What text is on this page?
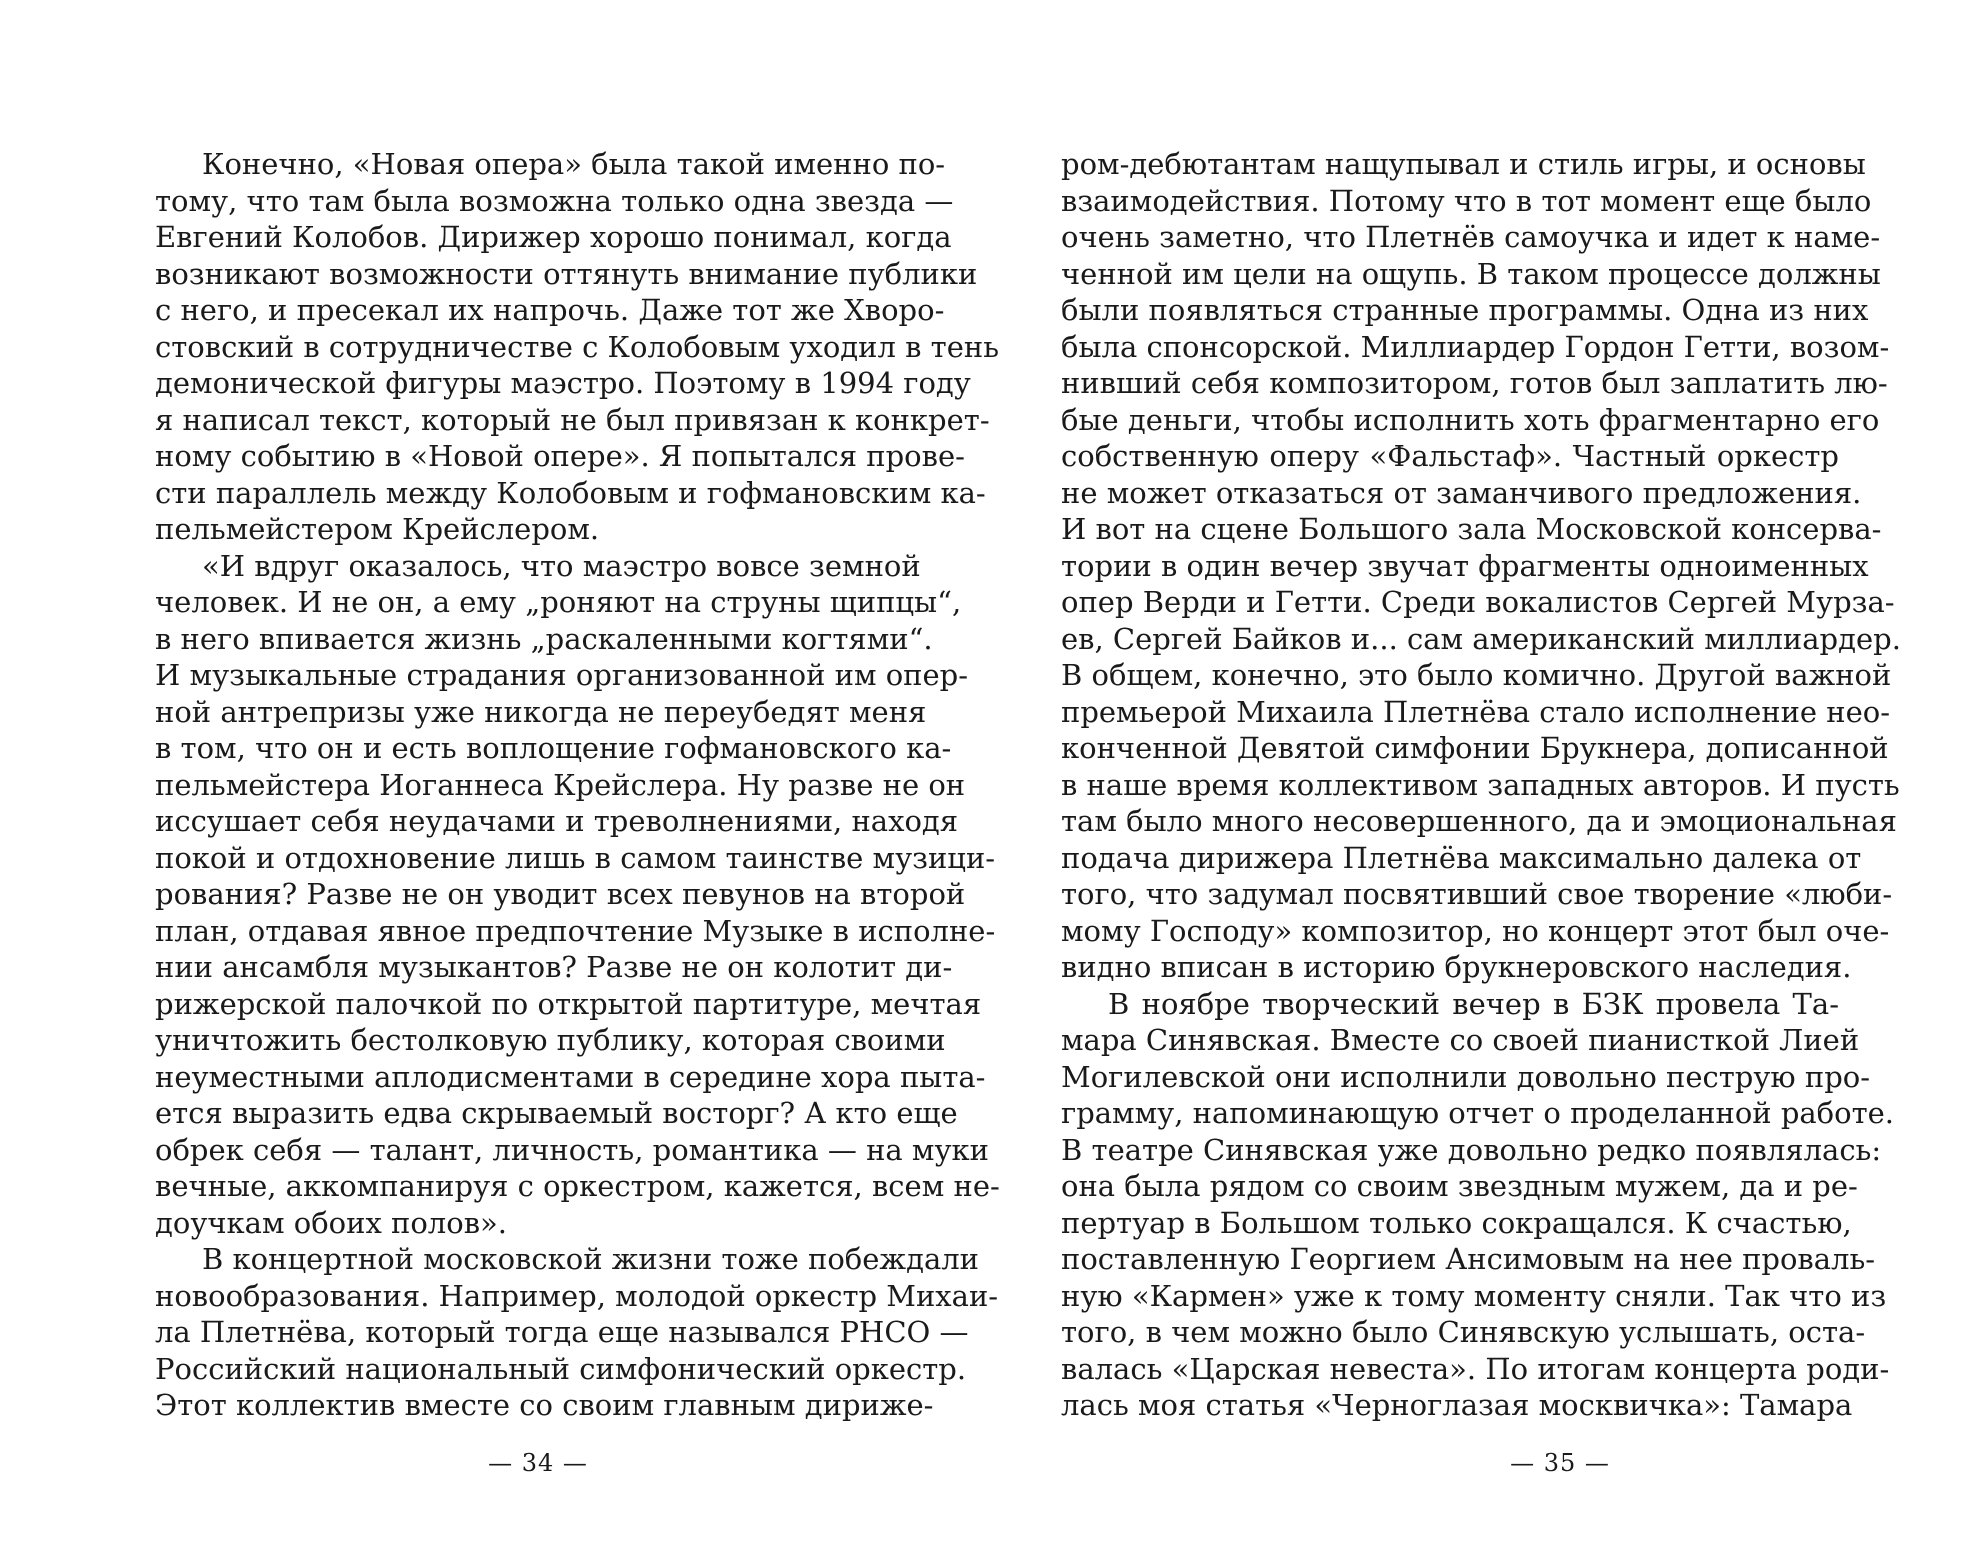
Конечно, «Новая опера» была такой именно по-
тому, что там была возможна только одна звезда —
Евгений Колобов. Дирижер хорошо понимал, когда
возникают возможности оттянуть внимание публики
с него, и пресекал их напрочь. Даже тот же Хворо-
стовский в сотрудничестве с Колобовым уходил в тень
демонической фигуры маэстро. Поэтому в 1994 году
я написал текст, который не был привязан к конкрет-
ному событию в «Новой опере». Я попытался прове-
сти параллель между Колобовым и гофмановским ка-
пельмейстером Крейслером.
«И вдруг оказалось, что маэстро вовсе земной
человек. И не он, а ему „роняют на струны щипцы“,
в него впивается жизнь „раскаленными когтями“.
И музыкальные страдания организованной им опер-
ной антрепризы уже никогда не переубедят меня
в том, что он и есть воплощение гофмановского ка-
пельмейстера Иоганнеса Крейслера. Ну разве не он
иссушает себя неудачами и треволнениями, находя
покой и отдохновение лишь в самом таинстве музици-
рования? Разве не он уводит всех певунов на второй
план, отдавая явное предпочтение Музыке в исполне-
нии ансамбля музыкантов? Разве не он колотит ди-
рижерской палочкой по открытой партитуре, мечтая
уничтожить бестолковую публику, которая своими
неуместными аплодисментами в середине хора пыта-
ется выразить едва скрываемый восторг? А кто еще
обрек себя — талант, личность, романтика — на муки
вечные, аккомпанируя с оркестром, кажется, всем не-
доучкам обоих полов».
В концертной московской жизни тоже побеждали
новообразования. Например, молодой оркестр Михаи-
ла Плетнёва, который тогда еще назывался РНСО —
Российский национальный симфонический оркестр.
Этот коллектив вместе со своим главным дириже-
— 34 —
ром-дебютантам нащупывал и стиль игры, и основы
взаимодействия. Потому что в тот момент еще было
очень заметно, что Плетнёв самоучка и идет к наме-
ченной им цели на ощупь. В таком процессе должны
были появляться странные программы. Одна из них
была спонсорской. Миллиардер Гордон Гетти, возом-
нивший себя композитором, готов был заплатить лю-
бые деньги, чтобы исполнить хоть фрагментарно его
собственную оперу «Фальстаф». Частный оркестр
не может отказаться от заманчивого предложения.
И вот на сцене Большого зала Московской консерва-
тории в один вечер звучат фрагменты одноименных
опер Верди и Гетти. Среди вокалистов Сергей Мурза-
ев, Сергей Байков и... сам американский миллиардер.
В общем, конечно, это было комично. Другой важной
премьерой Михаила Плетнёва стало исполнение нео-
конченной Девятой симфонии Брукнера, дописанной
в наше время коллективом западных авторов. И пусть
там было много несовершенного, да и эмоциональная
подача дирижера Плетнёва максимально далека от
того, что задумал посвятивший свое творение «люби-
мому Господу» композитор, но концерт этот был оче-
видно вписан в историю брукнеровского наследия.
В ноябре творческий вечер в БЗК провела Та-
мара Синявская. Вместе со своей пианисткой Лией
Могилевской они исполнили довольно пеструю про-
грамму, напоминающую отчет о проделанной работе.
В театре Синявская уже довольно редко появлялась:
она была рядом со своим звездным мужем, да и ре-
пертуар в Большом только сокращался. К счастью,
поставленную Георгием Ансимовым на нее проваль-
ную «Кармен» уже к тому моменту сняли. Так что из
того, в чем можно было Синявскую услышать, оста-
валась «Царская невеста». По итогам концерта роди-
лась моя статья «Черноглазая москвичка»: Тамара
— 35 —
